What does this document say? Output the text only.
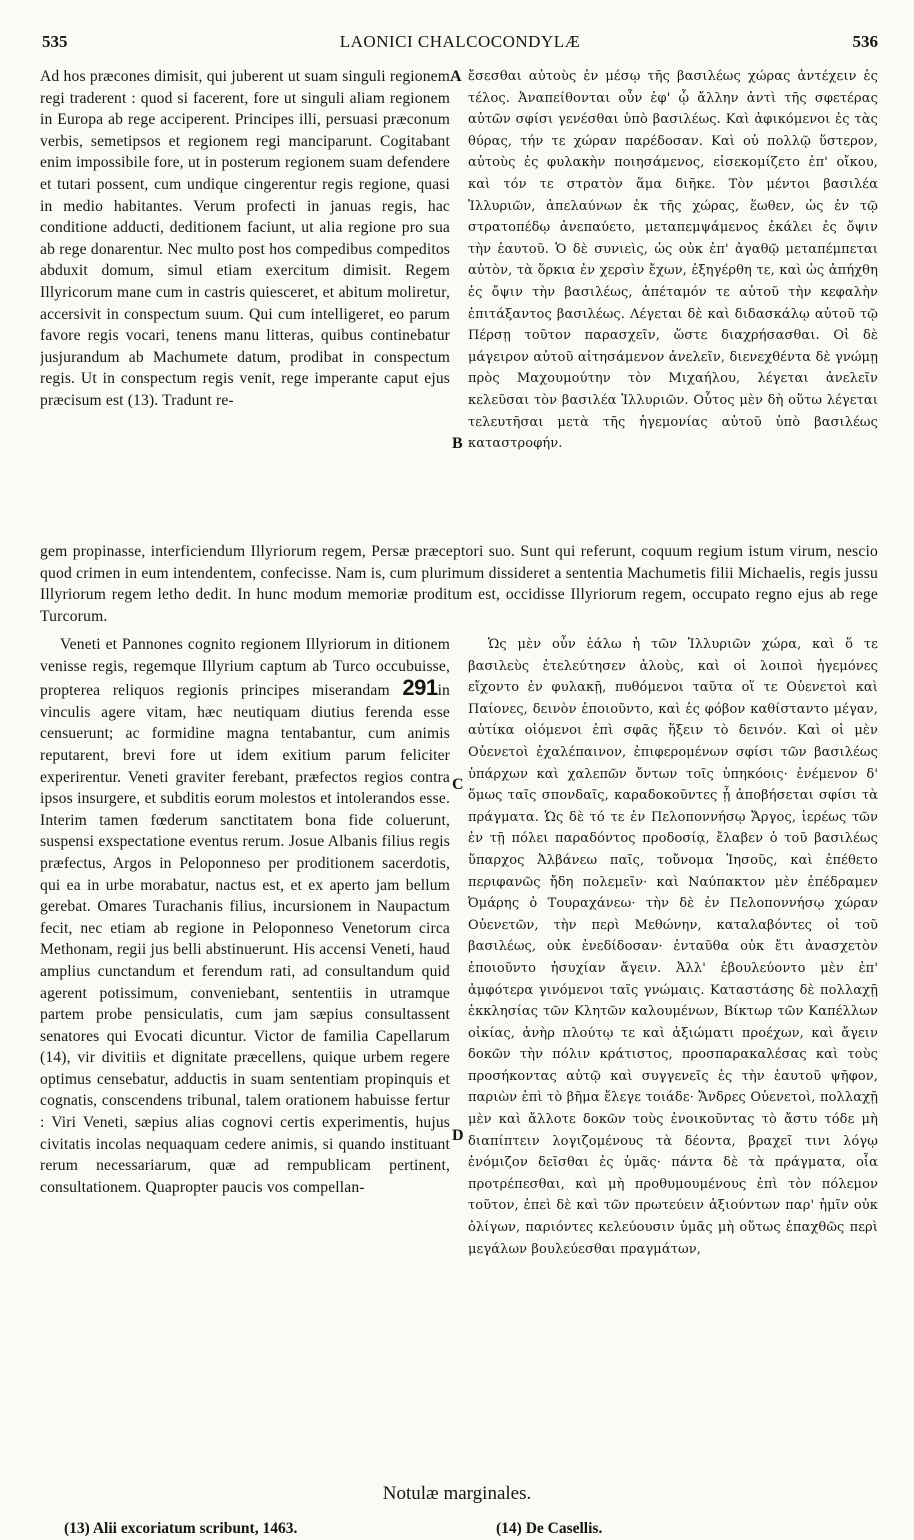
535	LAONICI CHALCOCONDYLÆ	536

Ad hos præcones dimisit, qui juberent ut suam singuli regionem regi traderent : quod si facerent, fore ut singuli aliam regionem in Europa ab rege acciperent. Principes illi, persuasi præconum verbis, semetipsos et regionem regi manciparunt. Cogitabant enim impossibile fore, ut in posterum regionem suam defendere et tutari possent, cum undique cingerentur regis regione, quasi in medio habitantes. Verum profecti in januas regis, hac conditione adducti, deditionem faciunt, ut alia regione pro sua ab rege donarentur. Nec multo post hos compedibus compeditos abduxit domum, simul etiam exercitum dimisit. Regem Illyricorum mane cum in castris quiesceret, et abitum moliretur, accersivit in conspectum suum. Qui cum intelligeret, eo parum favore regis vocari, tenens manu litteras, quibus continebatur jusjurandum ab Machumete datum, prodibat in conspectum regis. Ut in conspectum regis venit, rege imperante caput ejus præcisum est (13). Tradunt re-

A
B

ἔσεσθαι αὐτοὺς ἐν μέσῳ τῆς βασιλέως χώρας ἀντέχειν ἐς τέλος. Ἀναπείθονται οὖν ἐφ' ᾧ ἄλλην ἀντὶ τῆς σφετέρας αὐτῶν σφίσι γενέσθαι ὑπὸ βασιλέως. Καὶ ἀφικόμενοι ἐς τὰς θύρας, τήν τε χώραν παρέδοσαν. Καὶ οὐ πολλῷ ὕστερον, αὐτοὺς ἐς φυλακὴν ποιησάμενος, εἰσεκομίζετο ἐπ' οἴκου, καὶ τόν τε στρατὸν ἅμα διῆκε. Τὸν μέντοι βασιλέα Ἰλλυριῶν, ἀπελαύνων ἐκ τῆς χώρας, ἕωθεν, ὡς ἐν τῷ στρατοπέδῳ ἀνεπαύετο, μεταπεμψάμενος ἐκάλει ἐς ὄψιν τὴν ἑαυτοῦ. Ὁ δὲ συνιεὶς, ὡς οὐκ ἐπ' ἀγαθῷ μεταπέμπεται αὐτὸν, τὰ ὅρκια ἐν χερσὶν ἔχων, ἐξηγέρθη τε, καὶ ὡς ἀπήχθη ἐς ὄψιν τὴν βασιλέως, ἀπέταμόν τε αὐτοῦ τὴν κεφαλὴν ἐπιτάξαντος βασιλέως. Λέγεται δὲ καὶ διδασκάλῳ αὐτοῦ τῷ Πέρσῃ τοῦτον παρασχεῖν, ὥστε διαχρήσασθαι. Οἱ δὲ μάγειρον αὐτοῦ αἰτησάμενον ἀνελεῖν, διενεχθέντα δὲ γνώμῃ πρὸς Μαχουμούτην τὸν Μιχαήλου, λέγεται ἀνελεῖν κελεῦσαι τὸν βασιλέα Ἰλλυριῶν. Οὗτος μὲν δὴ οὕτω λέγεται τελευτῆσαι μετὰ τῆς ἡγεμονίας αὐτοῦ ὑπὸ βασιλέως καταστροφήν.

gem propinasse, interficiendum Illyriorum regem, Persæ præceptori suo. Sunt qui referunt, coquum regium istum virum, nescio quod crimen in eum intendentem, confecisse. Nam is, cum plurimum dissideret a sententia Machumetis filii Michaelis, regis jussu Illyriorum regem letho dedit. In hunc modum memoriæ proditum est, occidisse Illyriorum regem, occupato regno ejus ab rege Turcorum.

Veneti et Pannones cognito regionem Illyriorum in ditionem venisse regis, regemque Illyrium captum ab Turco occubuisse, propterea reliquos regionis principes miserandam 291in vinculis agere vitam, hæc neutiquam diutius ferenda esse censuerunt; ac formidine magna tentabantur, cum animis reputarent, brevi fore ut idem exitium parum feliciter experirentur. Veneti graviter ferebant, præfectos regios contra ipsos insurgere, et subditis eorum molestos et intolerandos esse. Interim tamen fœderum sanctitatem bona fide coluerunt, suspensi exspectatione eventus rerum. Josue Albanis filius regis præfectus, Argos in Peloponneso per proditionem sacerdotis, qui ea in urbe morabatur, nactus est, et ex aperto jam bellum gerebat. Omares Turachanis filius, incursionem in Naupactum fecit, nec etiam ab regione in Peloponneso Venetorum circa Methonam, regii jus belli abstinuerunt. His accensi Veneti, haud amplius cunctandum et ferendum rati, ad consultandum quid agerent potissimum, conveniebant, sententiis in utramque partem probe pensiculatis, cum jam sæpius consultassent senatores qui Evocati dicuntur. Victor de familia Capellarum (14), vir divitiis et dignitate præcellens, quique urbem regere optimus censebatur, adductis in suam sententiam propinquis et cognatis, conscendens tribunal, talem orationem habuisse fertur : Viri Veneti, sæpius alias cognovi certis experimentis, hujus civitatis incolas nequaquam cedere animis, si quando instituant rerum necessariarum, quæ ad rempublicam pertinent, consultationem. Quapropter paucis vos compellan-

C
D

Ὡς μὲν οὖν ἑάλω ἡ τῶν Ἰλλυριῶν χώρα, καὶ ὅ τε βασιλεὺς ἐτελεύτησεν ἁλοὺς, καὶ οἱ λοιποὶ ἡγεμόνες εἴχοντο ἐν φυλακῇ, πυθόμενοι ταῦτα οἵ τε Οὐενετοὶ καὶ Παίονες, δεινὸν ἐποιοῦντο, καὶ ἐς φόβον καθίσταντο μέγαν, αὐτίκα οἰόμενοι ἐπὶ σφᾶς ἥξειν τὸ δεινόν. Καὶ οἱ μὲν Οὐενετοὶ ἐχαλέπαινον, ἐπιφερομένων σφίσι τῶν βασιλέως ὑπάρχων καὶ χαλεπῶν ὄντων τοῖς ὑπηκόοις· ἐνέμενον δ' ὅμως ταῖς σπονδαῖς, καραδοκοῦντες ᾗ ἀποβήσεται σφίσι τὰ πράγματα. Ὡς δὲ τό τε ἐν Πελοποννήσῳ Ἄργος, ἱερέως τῶν ἐν τῇ πόλει παραδόντος προδοσίᾳ, ἔλαβεν ὁ τοῦ βασιλέως ὕπαρχος Ἀλβάνεω παῖς, τοὔνομα Ἰησοῦς, καὶ ἐπέθετο περιφανῶς ἤδη πολεμεῖν· καὶ Ναύπακτον μὲν ἐπέδραμεν Ὀμάρης ὁ Τουραχάνεω· τὴν δὲ ἐν Πελοποννήσῳ χώραν Οὐενετῶν, τὴν περὶ Μεθώνην, καταλαβόντες οἱ τοῦ βασιλέως, οὐκ ἐνεδίδοσαν· ἐνταῦθα οὐκ ἔτι ἀνασχετὸν ἐποιοῦντο ἡσυχίαν ἄγειν. Ἀλλ' ἐβουλεύοντο μὲν ἐπ' ἀμφότερα γινόμενοι ταῖς γνώμαις. Καταστάσης δὲ πολλαχῇ ἐκκλησίας τῶν Κλητῶν καλουμένων, Βίκτωρ τῶν Καπέλλων οἰκίας, ἀνὴρ πλούτῳ τε καὶ ἀξιώματι προέχων, καὶ ἄγειν δοκῶν τὴν πόλιν κράτιστος, προσπαρακαλέσας καὶ τοὺς προσήκοντας αὐτῷ καὶ συγγενεῖς ἐς τὴν ἑαυτοῦ ψῆφον, παριὼν ἐπὶ τὸ βῆμα ἔλεγε τοιάδε· Ἄνδρες Οὐενετοὶ, πολλαχῇ μὲν καὶ ἄλλοτε δοκῶν τοὺς ἐνοικοῦντας τὸ ἄστυ τόδε μὴ διαπίπτειν λογιζομένους τὰ δέοντα, βραχεῖ τινι λόγῳ ἐνόμιζον δεῖσθαι ἐς ὑμᾶς· πάντα δὲ τὰ πράγματα, οἷα προτρέπεσθαι, καὶ μὴ προθυμουμένους ἐπὶ τὸν πόλεμον τοῦτον, ἐπεὶ δὲ καὶ τῶν πρωτεύειν ἀξιούντων παρ' ἡμῖν οὐκ ὀλίγων, παριόντες κελεύουσιν ὑμᾶς μὴ οὕτως ἐπαχθῶς περὶ μεγάλων βουλεύεσθαι πραγμάτων,

Notulæ marginales.
(13) Alii excoriatum scribunt, 1463.	(14) De Casellis.
